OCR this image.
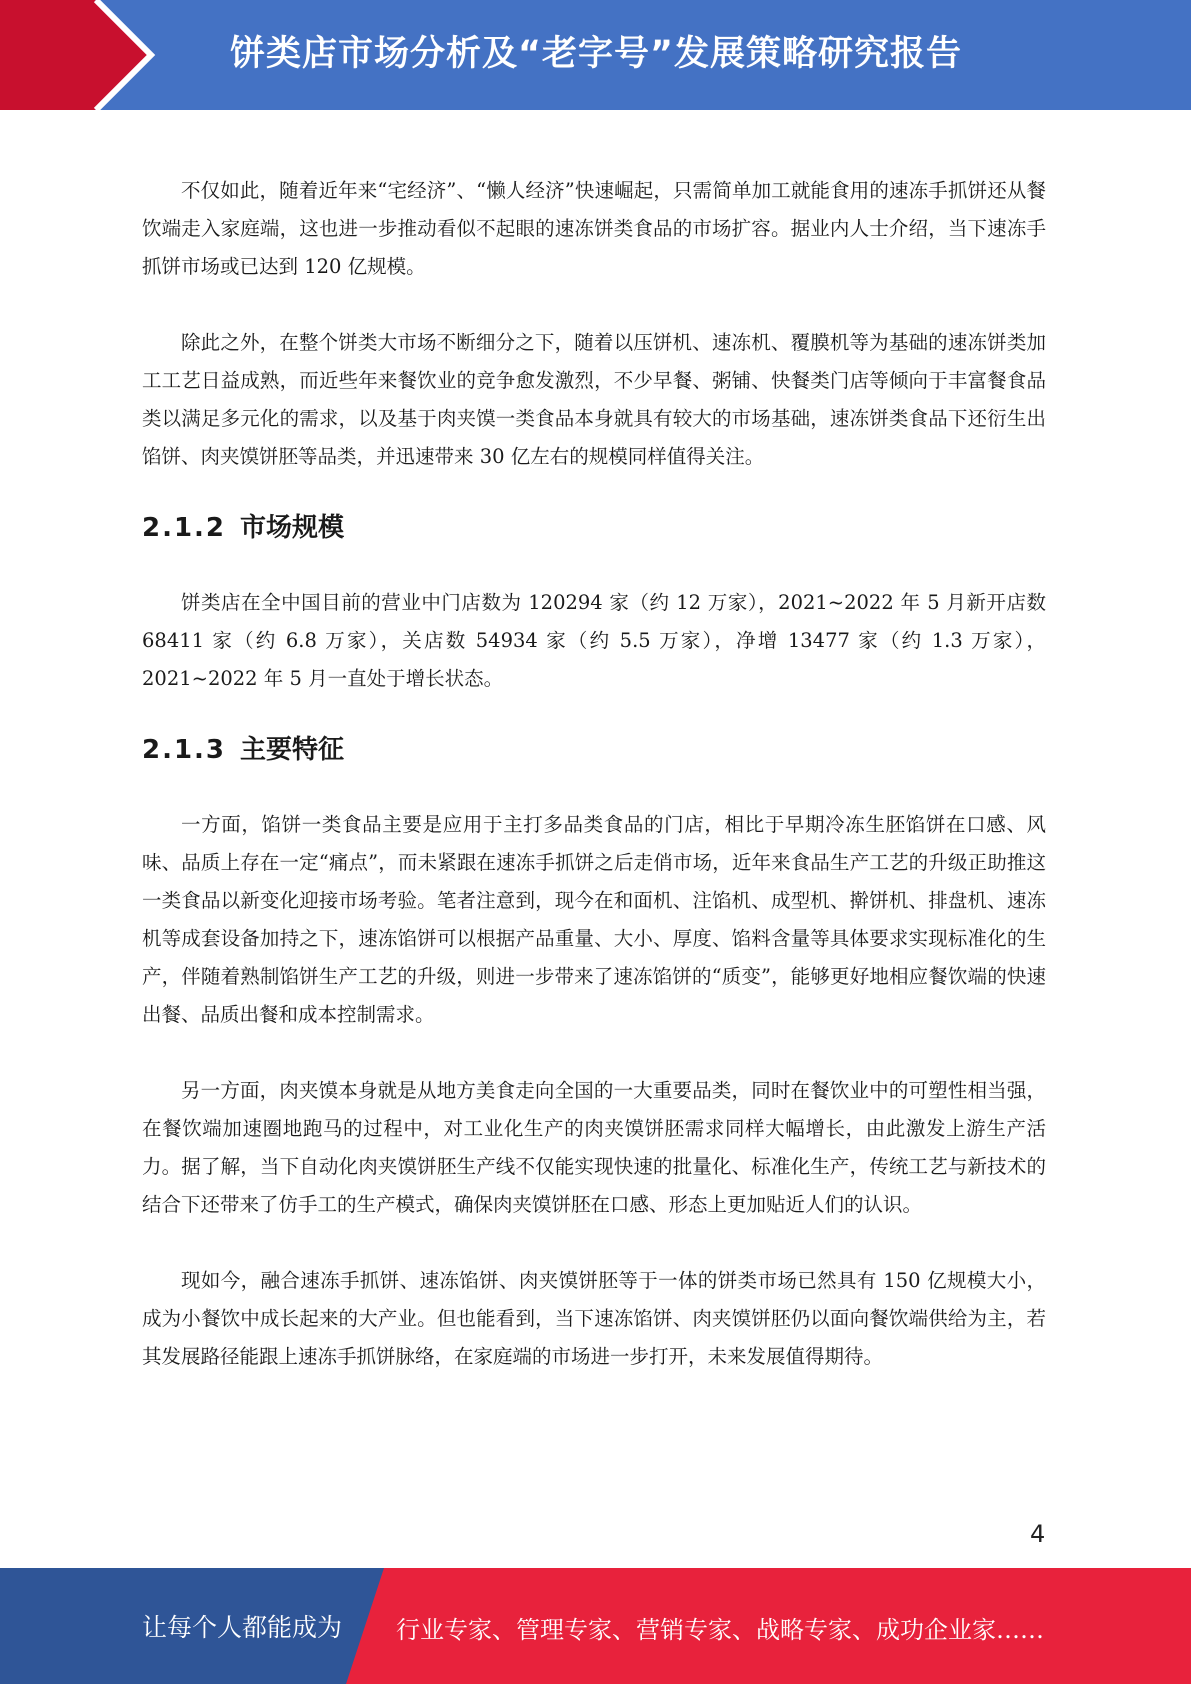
饼类店市场分析及“老字号”发展策略研究报告

不仅如此，随着近年来“宅经济”、“懒人经济”快速崛起，只需简单加工就能食用的速冻手抓饼还从餐饮端走入家庭端，这也进一步推动看似不起眼的速冻饼类食品的市场扩容。据业内人士介绍，当下速冻手抓饼市场或已达到 120 亿规模。

除此之外，在整个饼类大市场不断细分之下，随着以压饼机、速冻机、覆膜机等为基础的速冻饼类加工工艺日益成熟，而近些年来餐饮业的竞争愈发激烈，不少早餐、粥铺、快餐类门店等倾向于丰富餐食品类以满足多元化的需求，以及基于肉夹馍一类食品本身就具有较大的市场基础，速冻饼类食品下还衍生出馅饼、肉夹馍饼胚等品类，并迅速带来 30 亿左右的规模同样值得关注。

2.1.2 市场规模

饼类店在全中国目前的营业中门店数为 120294 家（约 12 万家），2021~2022 年 5 月新开店数 68411 家（约 6.8 万家），关店数 54934 家（约 5.5 万家），净增 13477 家（约 1.3 万家），2021~2022 年 5 月一直处于增长状态。

2.1.3 主要特征

一方面，馅饼一类食品主要是应用于主打多品类食品的门店，相比于早期冷冻生胚馅饼在口感、风味、品质上存在一定“痛点”，而未紧跟在速冻手抓饼之后走俏市场，近年来食品生产工艺的升级正助推这一类食品以新变化迎接市场考验。笔者注意到，现今在和面机、注馅机、成型机、擀饼机、排盘机、速冻机等成套设备加持之下，速冻馅饼可以根据产品重量、大小、厚度、馅料含量等具体要求实现标准化的生产，伴随着熟制馅饼生产工艺的升级，则进一步带来了速冻馅饼的“质变”，能够更好地相应餐饮端的快速出餐、品质出餐和成本控制需求。

另一方面，肉夹馍本身就是从地方美食走向全国的一大重要品类，同时在餐饮业中的可塑性相当强，在餐饮端加速圈地跑马的过程中，对工业化生产的肉夹馍饼胚需求同样大幅增长，由此激发上游生产活力。据了解，当下自动化肉夹馍饼胚生产线不仅能实现快速的批量化、标准化生产，传统工艺与新技术的结合下还带来了仿手工的生产模式，确保肉夹馍饼胚在口感、形态上更加贴近人们的认识。

现如今，融合速冻手抓饼、速冻馅饼、肉夹馍饼胚等于一体的饼类市场已然具有 150 亿规模大小，成为小餐饮中成长起来的大产业。但也能看到，当下速冻馅饼、肉夹馍饼胚仍以面向餐饮端供给为主，若其发展路径能跟上速冻手抓饼脉络，在家庭端的市场进一步打开，未来发展值得期待。

4
让每个人都能成为 行业专家、管理专家、营销专家、战略专家、成功企业家……
